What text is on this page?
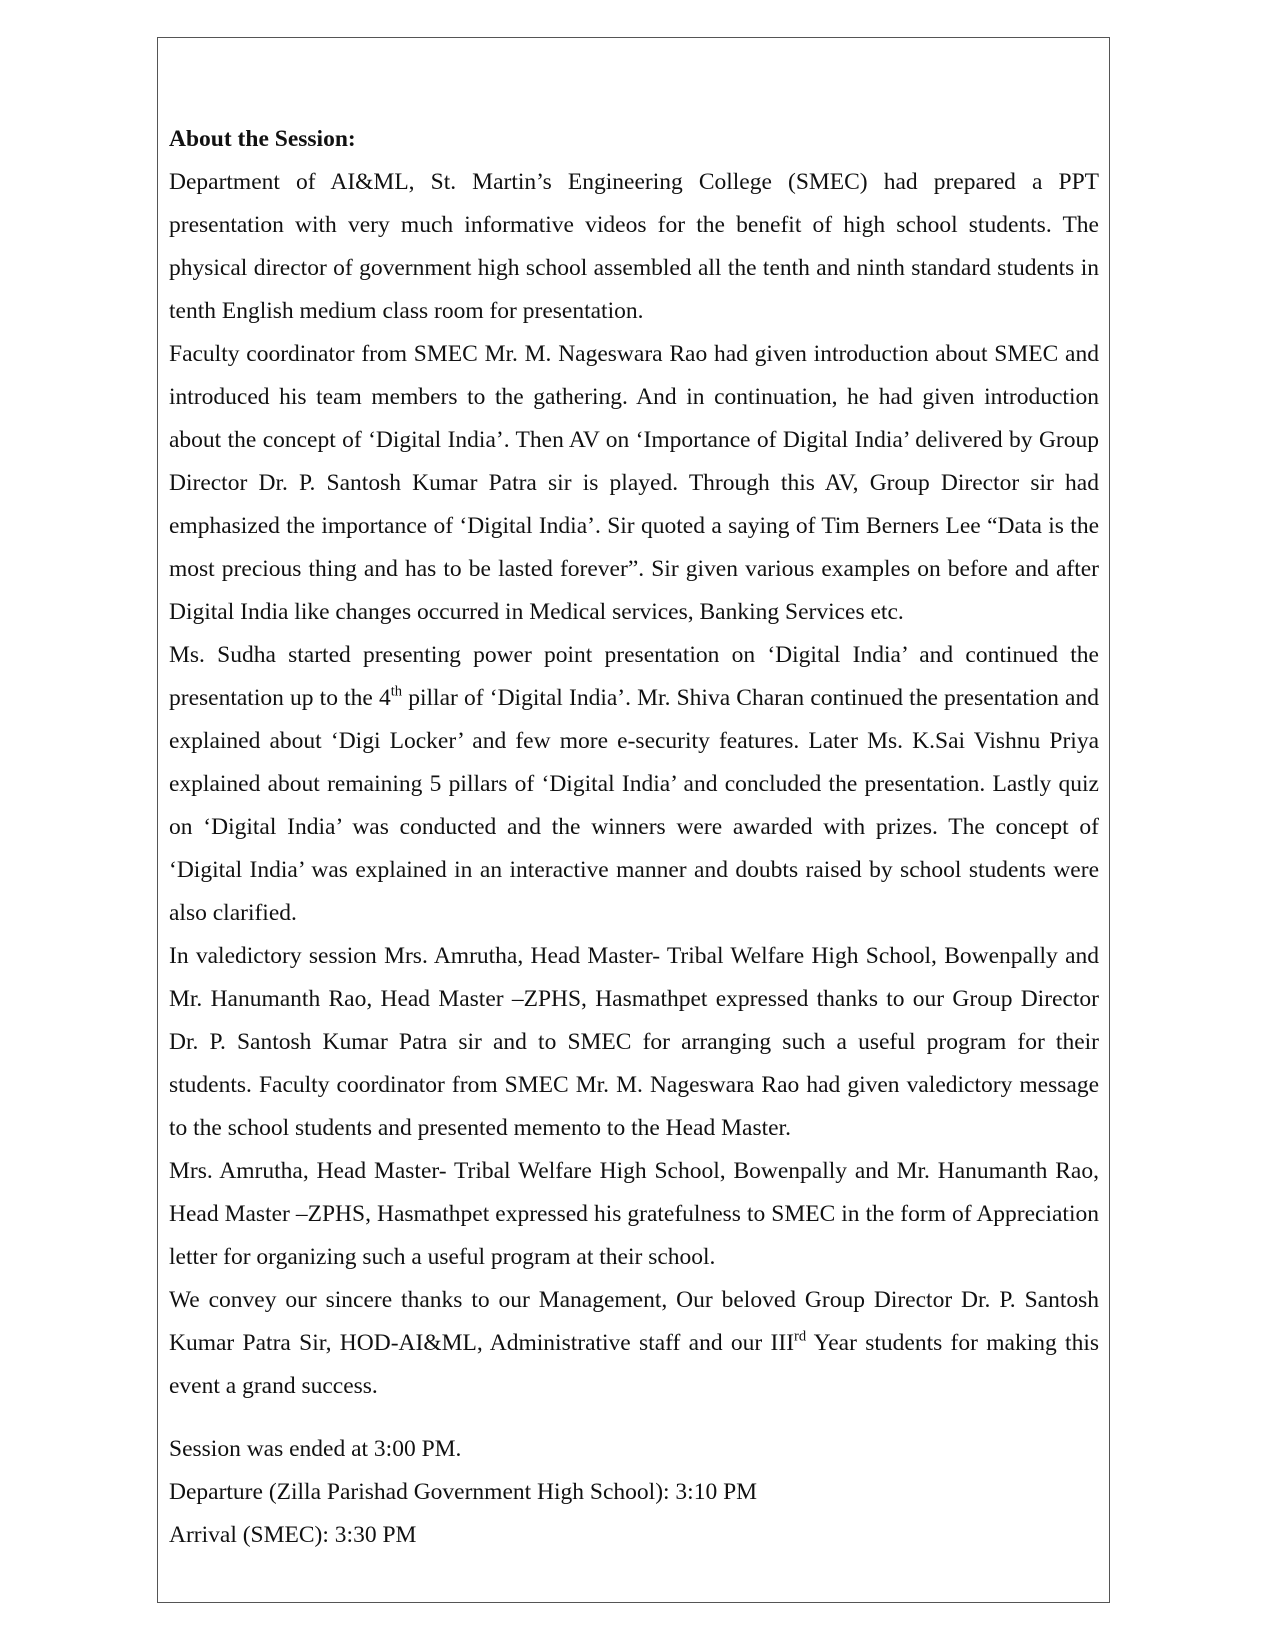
About the Session:

Department of AI&ML, St. Martin’s Engineering College (SMEC) had prepared a PPT presentation with very much informative videos for the benefit of high school students. The physical director of government high school assembled all the tenth and ninth standard students in tenth English medium class room for presentation.

Faculty coordinator from SMEC Mr. M. Nageswara Rao had given introduction about SMEC and introduced his team members to the gathering. And in continuation, he had given introduction about the concept of ‘Digital India’. Then AV on ‘Importance of Digital India’ delivered by Group Director Dr. P. Santosh Kumar Patra sir is played. Through this AV, Group Director sir had emphasized the importance of ‘Digital India’. Sir quoted a saying of Tim Berners Lee “Data is the most precious thing and has to be lasted forever”. Sir given various examples on before and after Digital India like changes occurred in Medical services, Banking Services etc.

Ms. Sudha started presenting power point presentation on ‘Digital India’ and continued the presentation up to the 4th pillar of ‘Digital India’. Mr. Shiva Charan continued the presentation and explained about ‘Digi Locker’ and few more e-security features. Later Ms. K.Sai Vishnu Priya explained about remaining 5 pillars of ‘Digital India’ and concluded the presentation. Lastly quiz on ‘Digital India’ was conducted and the winners were awarded with prizes. The concept of ‘Digital India’ was explained in an interactive manner and doubts raised by school students were also clarified.

In valedictory session Mrs. Amrutha, Head Master- Tribal Welfare High School, Bowenpally and Mr. Hanumanth Rao, Head Master –ZPHS, Hasmathpet expressed thanks to our Group Director Dr. P. Santosh Kumar Patra sir and to SMEC for arranging such a useful program for their students. Faculty coordinator from SMEC Mr. M. Nageswara Rao had given valedictory message to the school students and presented memento to the Head Master.

Mrs. Amrutha, Head Master- Tribal Welfare High School, Bowenpally and Mr. Hanumanth Rao, Head Master –ZPHS, Hasmathpet expressed his gratefulness to SMEC in the form of Appreciation letter for organizing such a useful program at their school.

We convey our sincere thanks to our Management, Our beloved Group Director Dr. P. Santosh Kumar Patra Sir, HOD-AI&ML, Administrative staff and our IIIrd Year students for making this event a grand success.

Session was ended at 3:00 PM.

Departure (Zilla Parishad Government High School): 3:10 PM

Arrival (SMEC): 3:30 PM
